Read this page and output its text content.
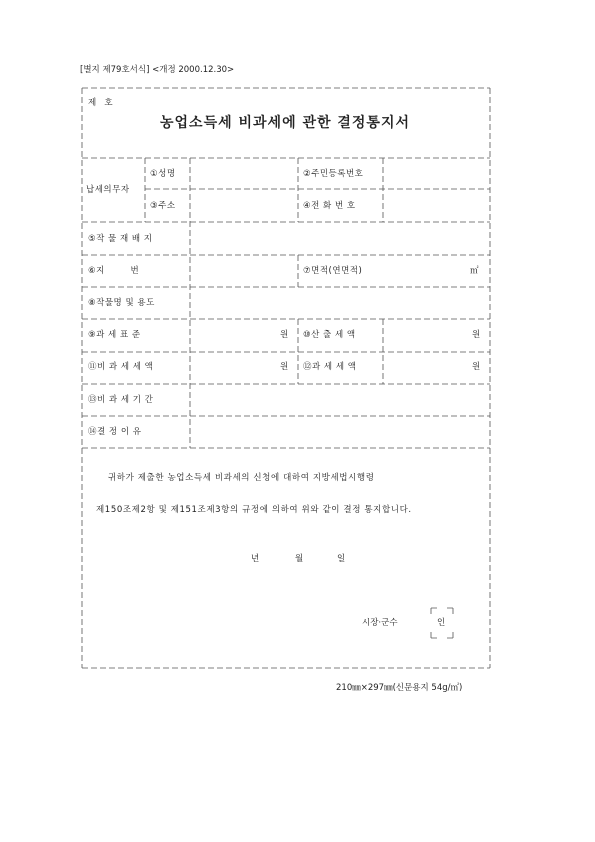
[별지 제79호서식] <개정 2000.12.30>
제   호
농업소득세 비과세에 관한 결정통지서
납세의무자
①성명	②주민등록번호
③주소	④전 화 번 호
⑤작 물 재 배 지
⑥지        번	⑦면적(연면적)	㎡
⑧작물명 및 용도
⑨과 세 표 준	원 ⑩산 출 세 액	원
⑪비 과 세 세 액	원 ⑫과 세 세 액	원
⑬비 과 세 기 간
⑭결 정 이 유
귀하가 제출한 농업소득세 비과세의 신청에 대하여 지방세법시행령
제150조제2항 및 제151조제3항의 규정에 의하여 위와 같이 결정 통지합니다.
년	월	일
시장·군수	인
210㎜×297㎜(신문용지 54g/㎡)
